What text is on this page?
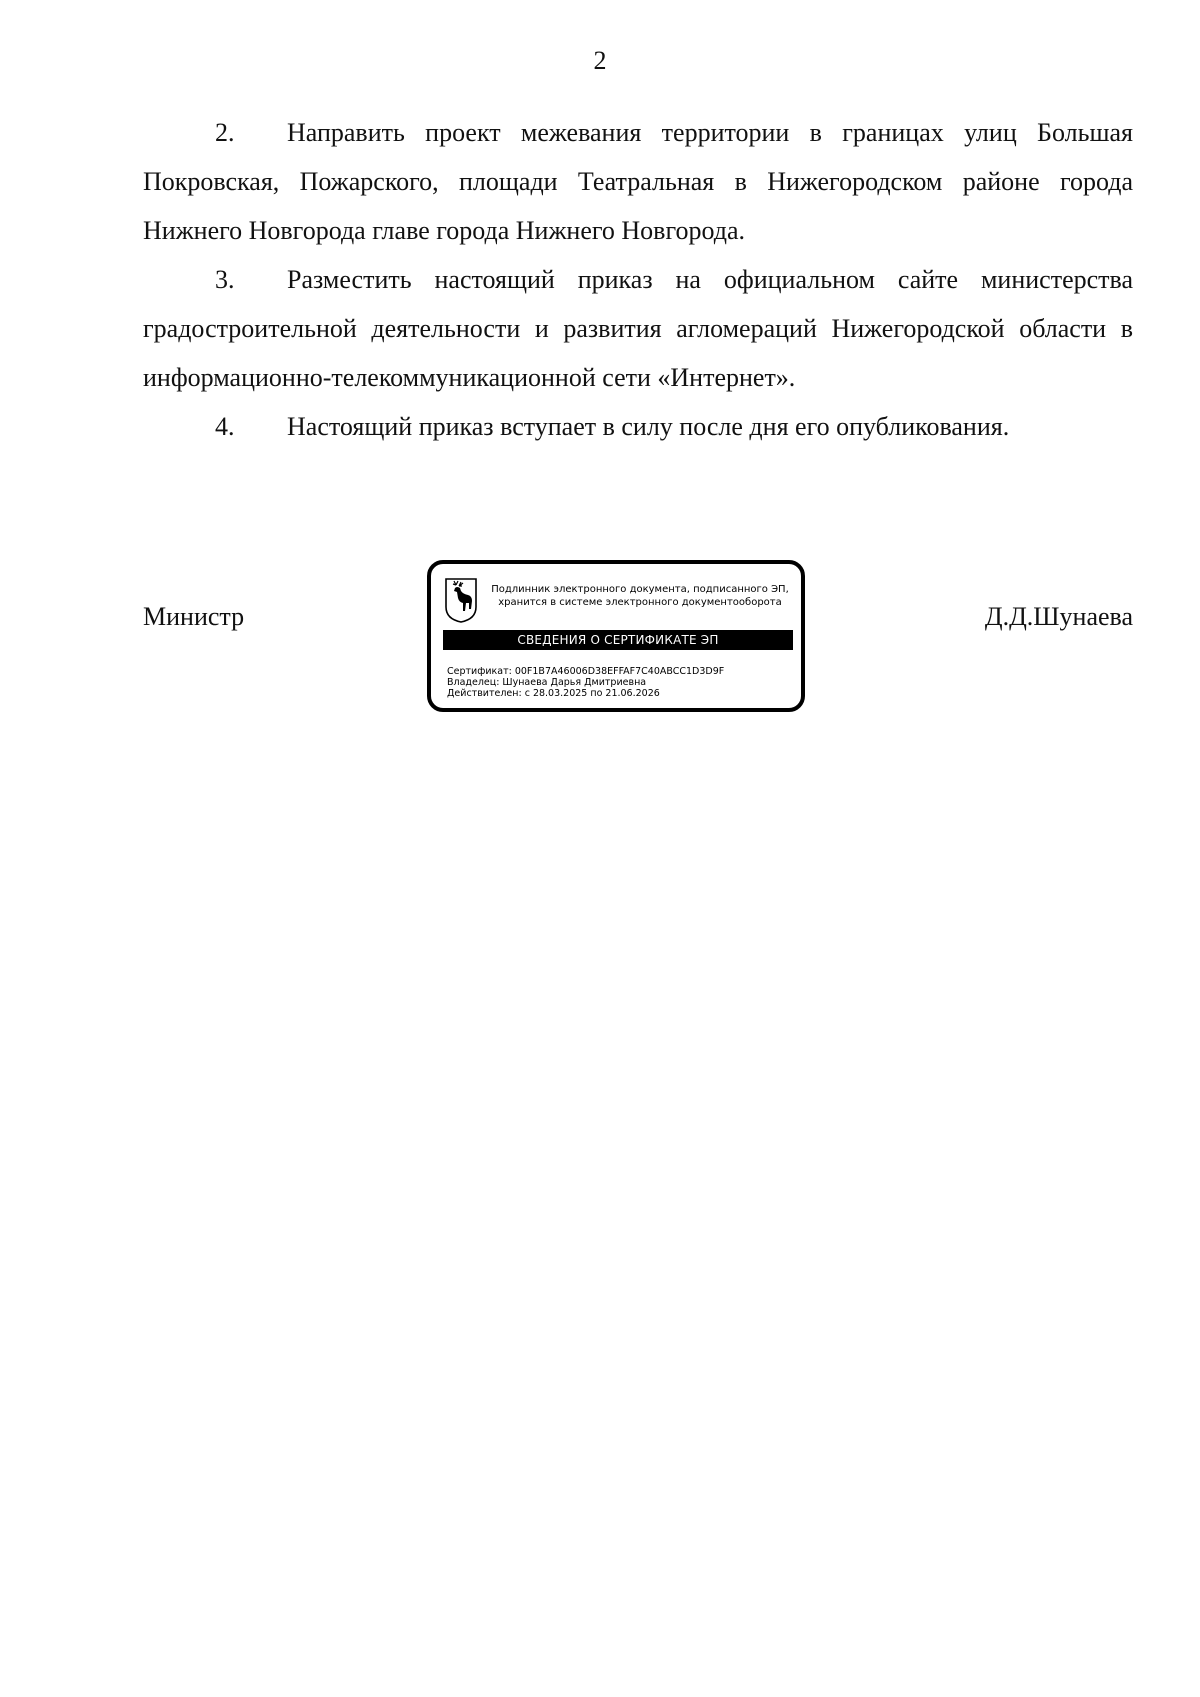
2

2. Направить проект межевания территории в границах улиц Большая Покровская, Пожарского, площади Театральная в Нижегородском районе города Нижнего Новгорода главе города Нижнего Новгорода.

3. Разместить настоящий приказ на официальном сайте министерства градостроительной деятельности и развития агломераций Нижегородской области в информационно-телекоммуникационной сети «Интернет».

4. Настоящий приказ вступает в силу после дня его опубликования.

Министр
Подлинник электронного документа, подписанного ЭП,
хранится в системе электронного документооборота
СВЕДЕНИЯ О СЕРТИФИКАТЕ ЭП
Сертификат: 00F1B7A46006D38EFFAF7C40ABCC1D3D9F
Владелец: Шунаева Дарья Дмитриевна
Действителен: с 28.03.2025 по 21.06.2026
Д.Д.Шунаева
